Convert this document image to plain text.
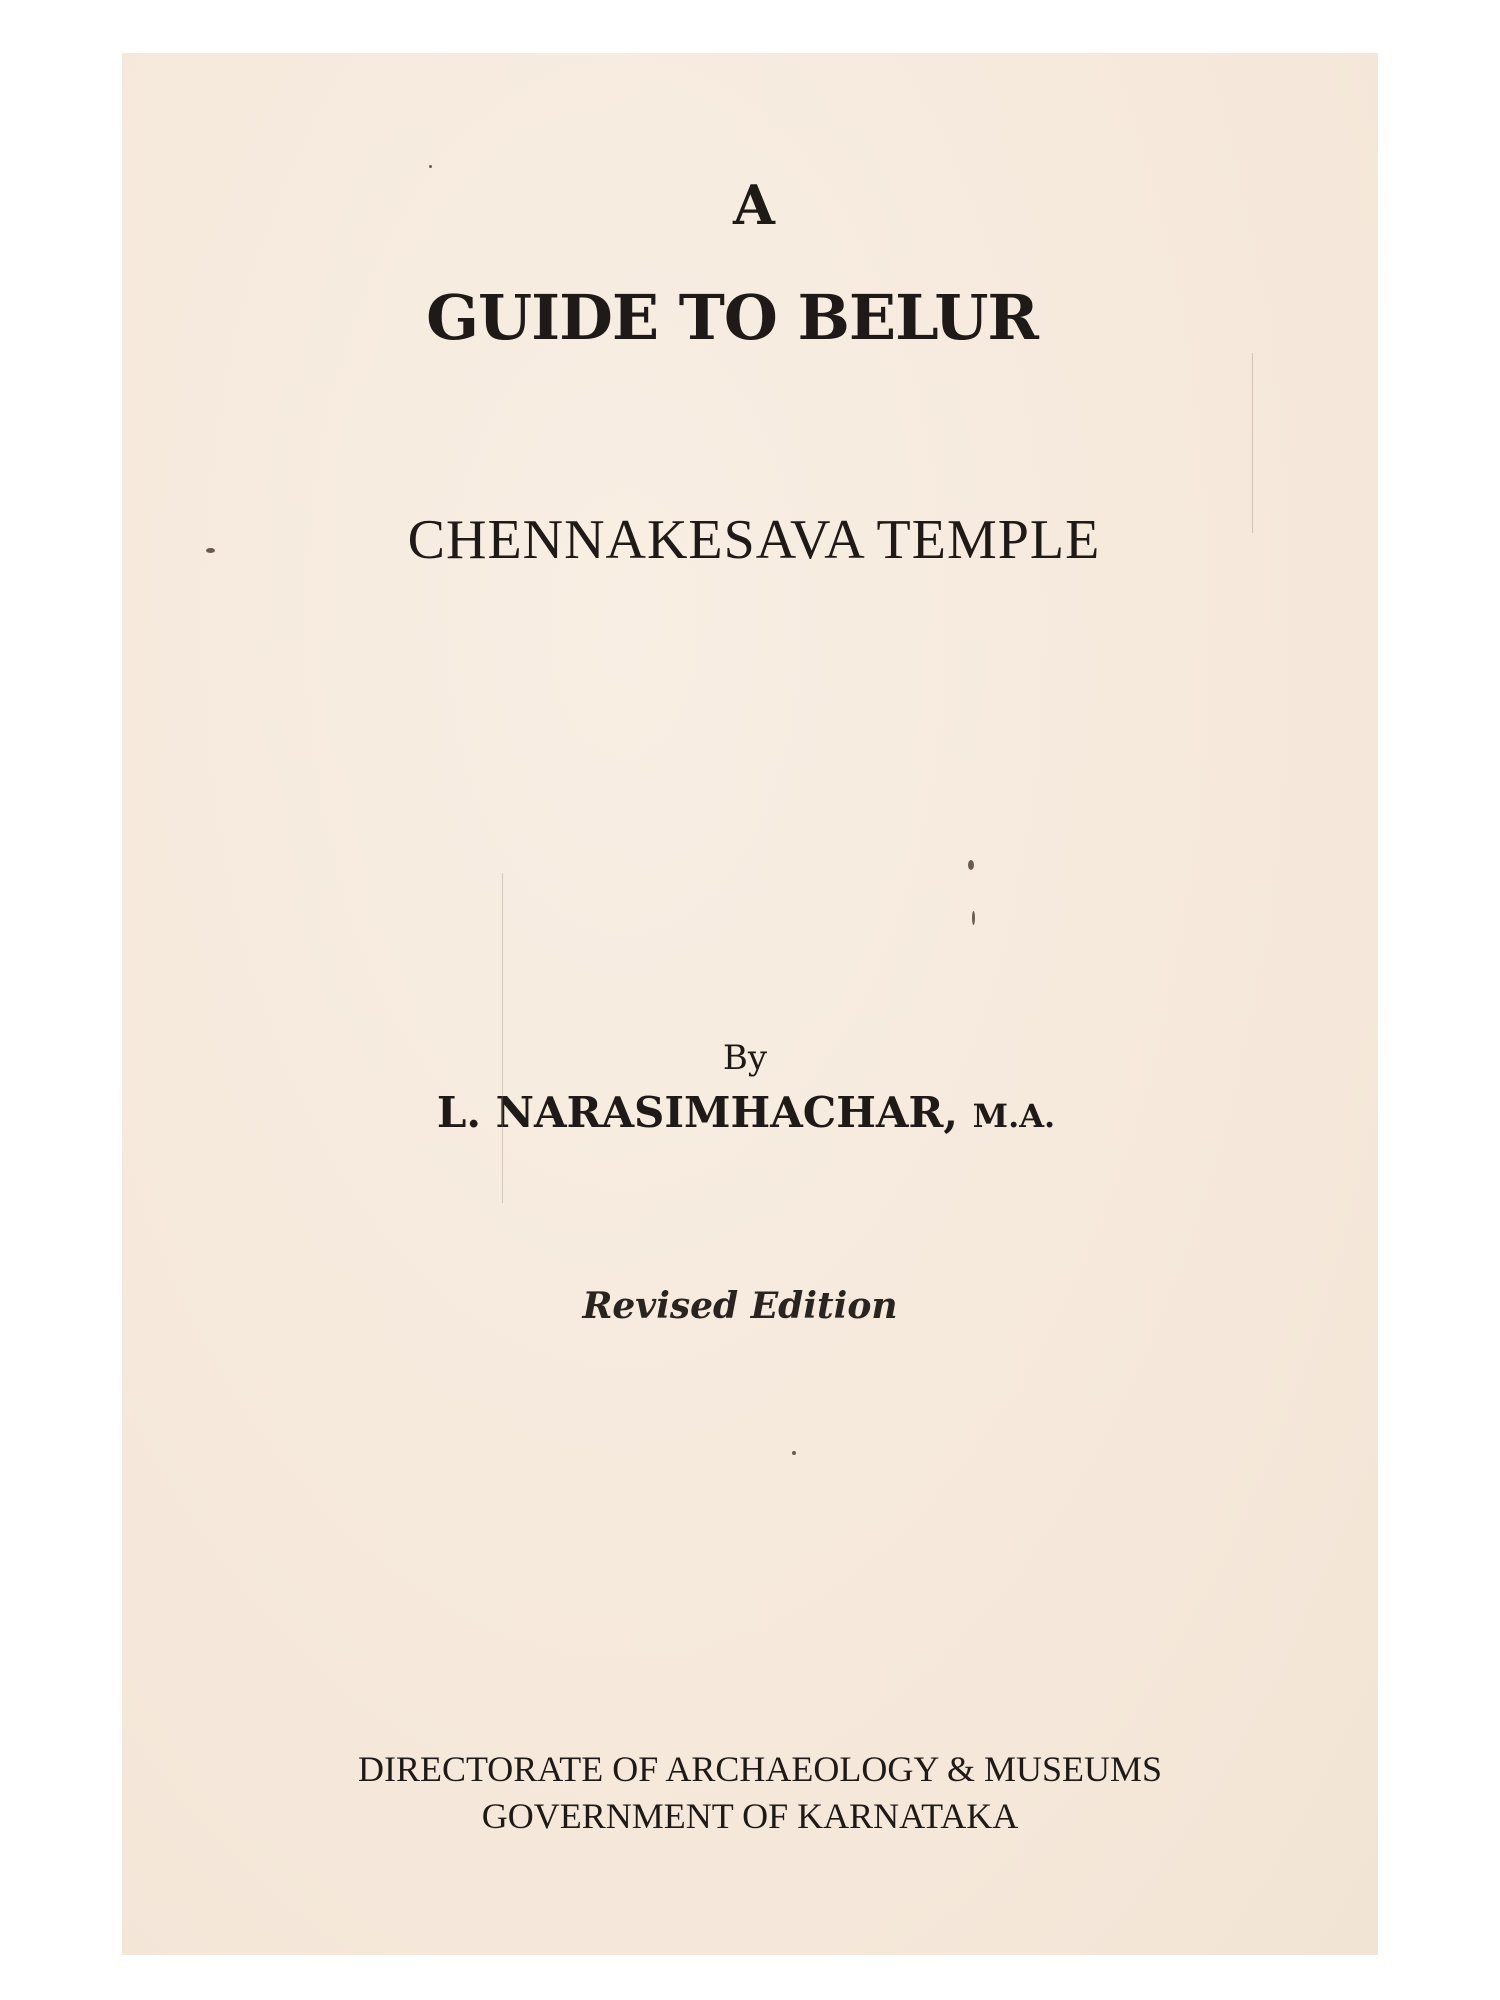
A

GUIDE TO BELUR

CHENNAKESAVA TEMPLE

By

L. NARASIMHACHAR, M.A.

Revised Edition

DIRECTORATE OF ARCHAEOLOGY & MUSEUMS

GOVERNMENT OF KARNATAKA
